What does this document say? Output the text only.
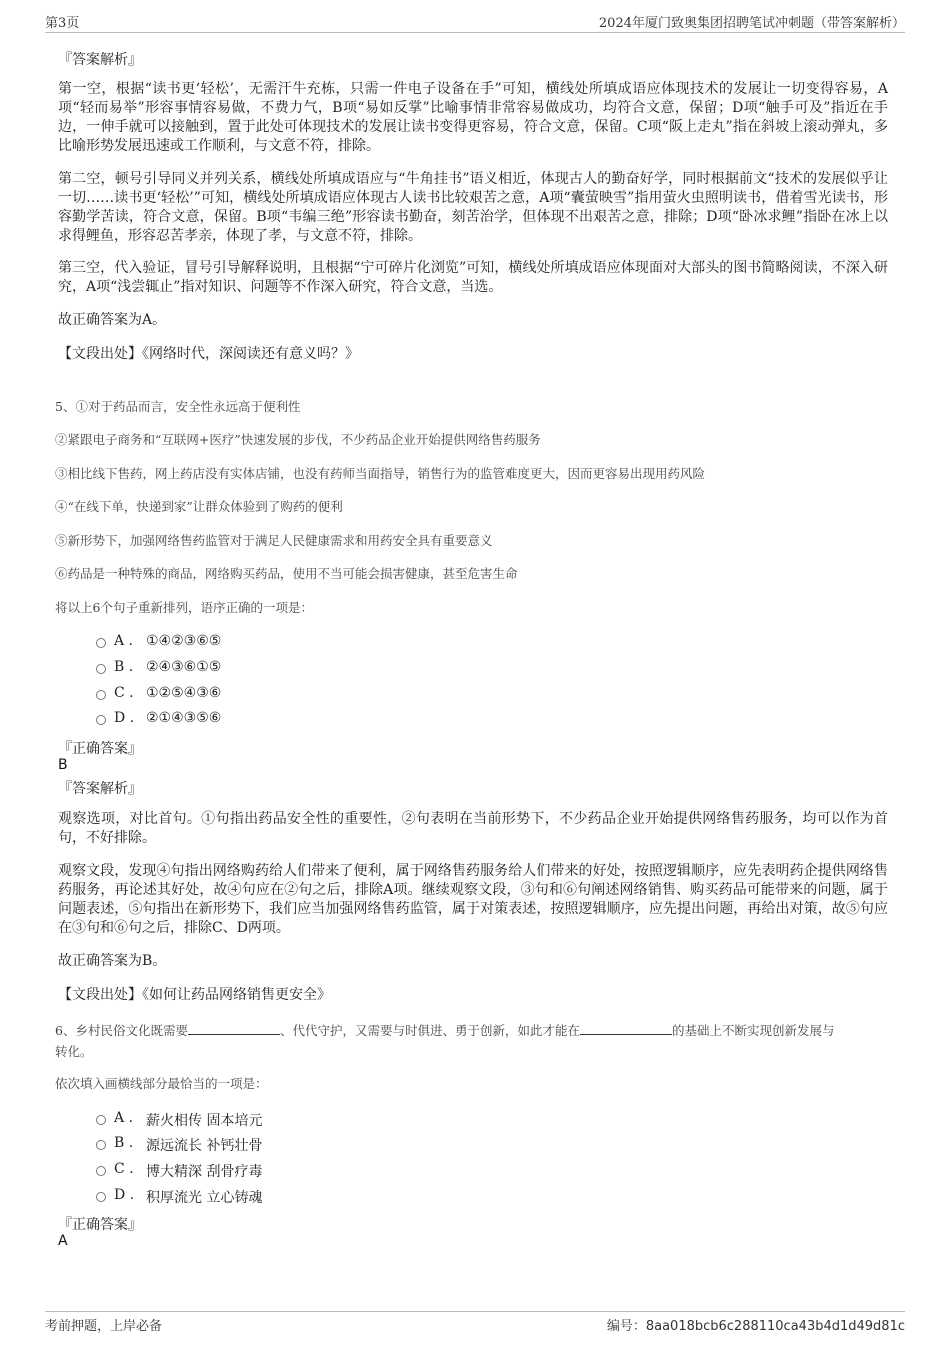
第3页	2024年厦门致奥集团招聘笔试冲刺题（带答案解析）
『答案解析』
第一空，根据“读书更‘轻松’，无需汗牛充栋，只需一件电子设备在手”可知，横线处所填成语应体现技术的发展让一切变得容易，A项“轻而易举”形容事情容易做，不费力气，B项“易如反掌”比喻事情非常容易做成功，均符合文意，保留；D项“触手可及”指近在手边，一伸手就可以接触到，置于此处可体现技术的发展让读书变得更容易，符合文意，保留。C项“阪上走丸”指在斜坡上滚动弹丸，多比喻形势发展迅速或工作顺利，与文意不符，排除。
第二空，顿号引导同义并列关系，横线处所填成语应与“牛角挂书”语义相近，体现古人的勤奋好学，同时根据前文“技术的发展似乎让一切……读书更‘轻松’”可知，横线处所填成语应体现古人读书比较艰苦之意，A项“囊萤映雪”指用萤火虫照明读书，借着雪光读书，形容勤学苦读，符合文意，保留。B项“韦编三绝”形容读书勤奋，刻苦治学，但体现不出艰苦之意，排除；D项“卧冰求鲤”指卧在冰上以求得鲤鱼，形容忍苦孝亲，体现了孝，与文意不符，排除。
第三空，代入验证，冒号引导解释说明，且根据“宁可碎片化浏览”可知，横线处所填成语应体现面对大部头的图书简略阅读，不深入研究，A项“浅尝辄止”指对知识、问题等不作深入研究，符合文意，当选。
故正确答案为A。
【文段出处】《网络时代，深阅读还有意义吗？》
5、①对于药品而言，安全性永远高于便利性
②紧跟电子商务和“互联网+医疗”快速发展的步伐，不少药品企业开始提供网络售药服务
③相比线下售药，网上药店没有实体店铺，也没有药师当面指导，销售行为的监管难度更大，因而更容易出现用药风险
④“在线下单，快递到家”让群众体验到了购药的便利
⑤新形势下，加强网络售药监管对于满足人民健康需求和用药安全具有重要意义
⑥药品是一种特殊的商品，网络购买药品，使用不当可能会损害健康，甚至危害生命
将以上6个句子重新排列，语序正确的一项是：
A . ①④②③⑥⑤
B . ②④③⑥①⑤
C . ①②⑤④③⑥
D . ②①④③⑤⑥
『正确答案』
B
『答案解析』
观察选项，对比首句。①句指出药品安全性的重要性，②句表明在当前形势下，不少药品企业开始提供网络售药服务，均可以作为首句，不好排除。
观察文段，发现④句指出网络购药给人们带来了便利，属于网络售药服务给人们带来的好处，按照逻辑顺序，应先表明药企提供网络售药服务，再论述其好处，故④句应在②句之后，排除A项。继续观察文段，③句和⑥句阐述网络销售、购买药品可能带来的问题，属于问题表述，⑤句指出在新形势下，我们应当加强网络售药监管，属于对策表述，按照逻辑顺序，应先提出问题，再给出对策，故⑤句应在③句和⑥句之后，排除C、D两项。
故正确答案为B。
【文段出处】《如何让药品网络销售更安全》
6、乡村民俗文化既需要	、代代守护，又需要与时俱进、勇于创新，如此才能在	的基础上不断实现创新发展与
转化。
依次填入画横线部分最恰当的一项是：
A . 薪火相传 固本培元
B . 源远流长 补钙壮骨
C . 博大精深 刮骨疗毒
D . 积厚流光 立心铸魂
『正确答案』
A
考前押题，上岸必备	编号：8aa018bcb6c288110ca43b4d1d49d81c
